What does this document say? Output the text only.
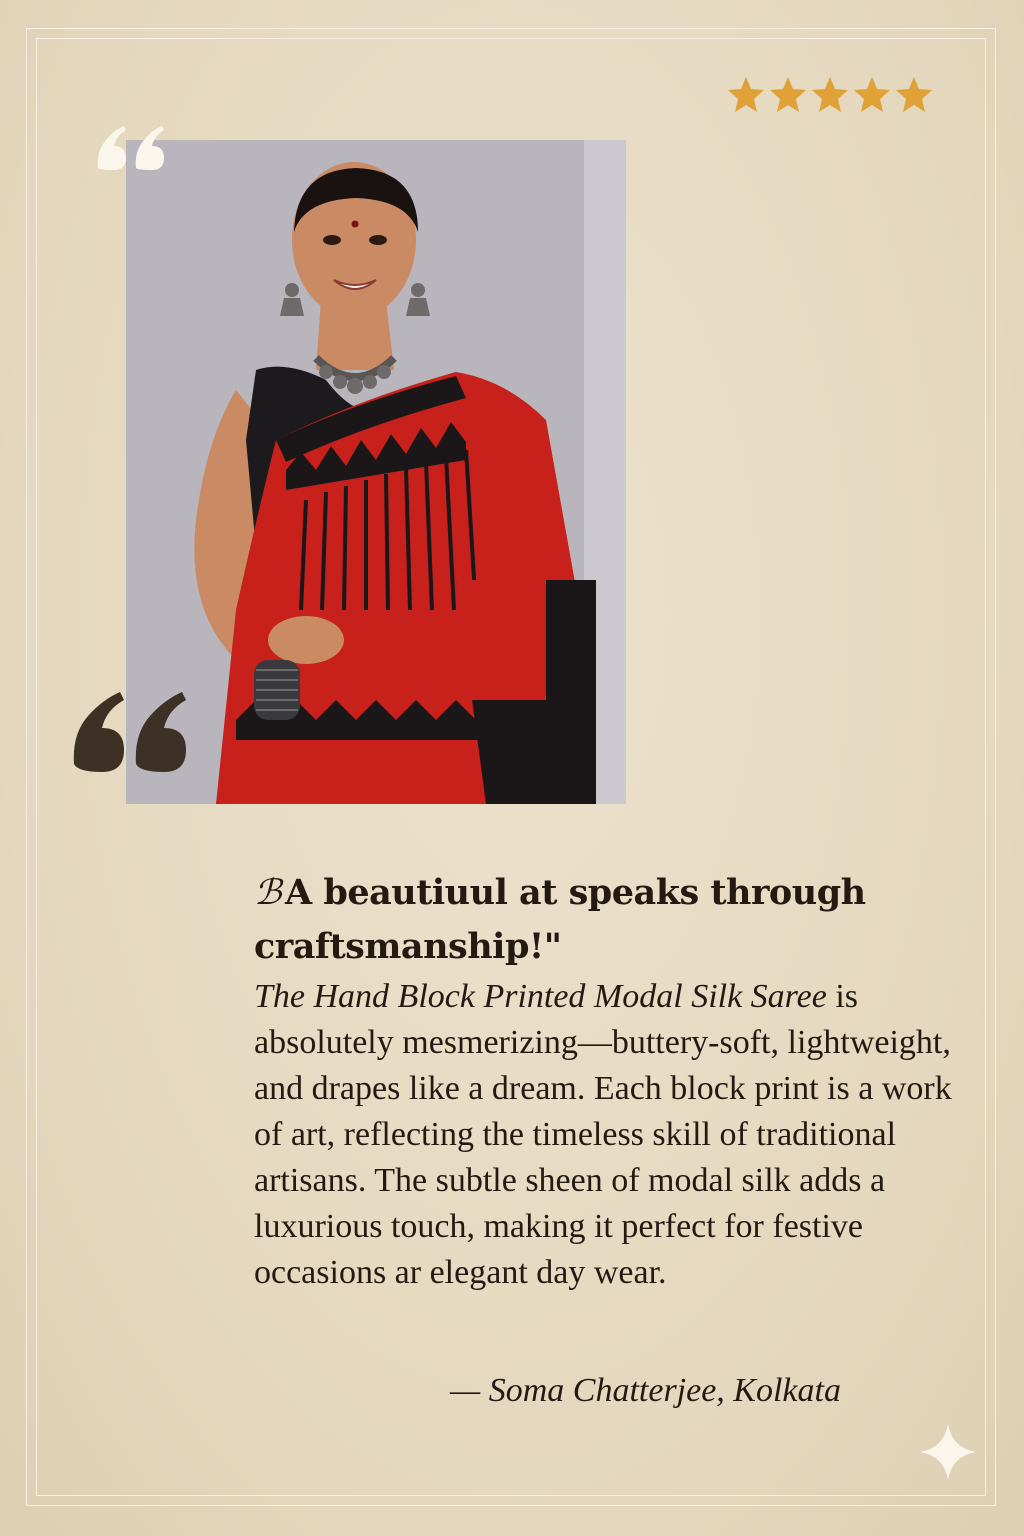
ℬ A beautiuul at speaks through craftsmanship!"
The Hand Block Printed Modal Silk Saree is absolutely mesmerizing—buttery-soft, lightweight, and drapes like a dream. Each block print is a work of art, reflecting the timeless skill of traditional artisans. The subtle sheen of modal silk adds a luxurious touch, making it perfect for festive occasions ar elegant day wear.
— Soma Chatterjee, Kolkata
